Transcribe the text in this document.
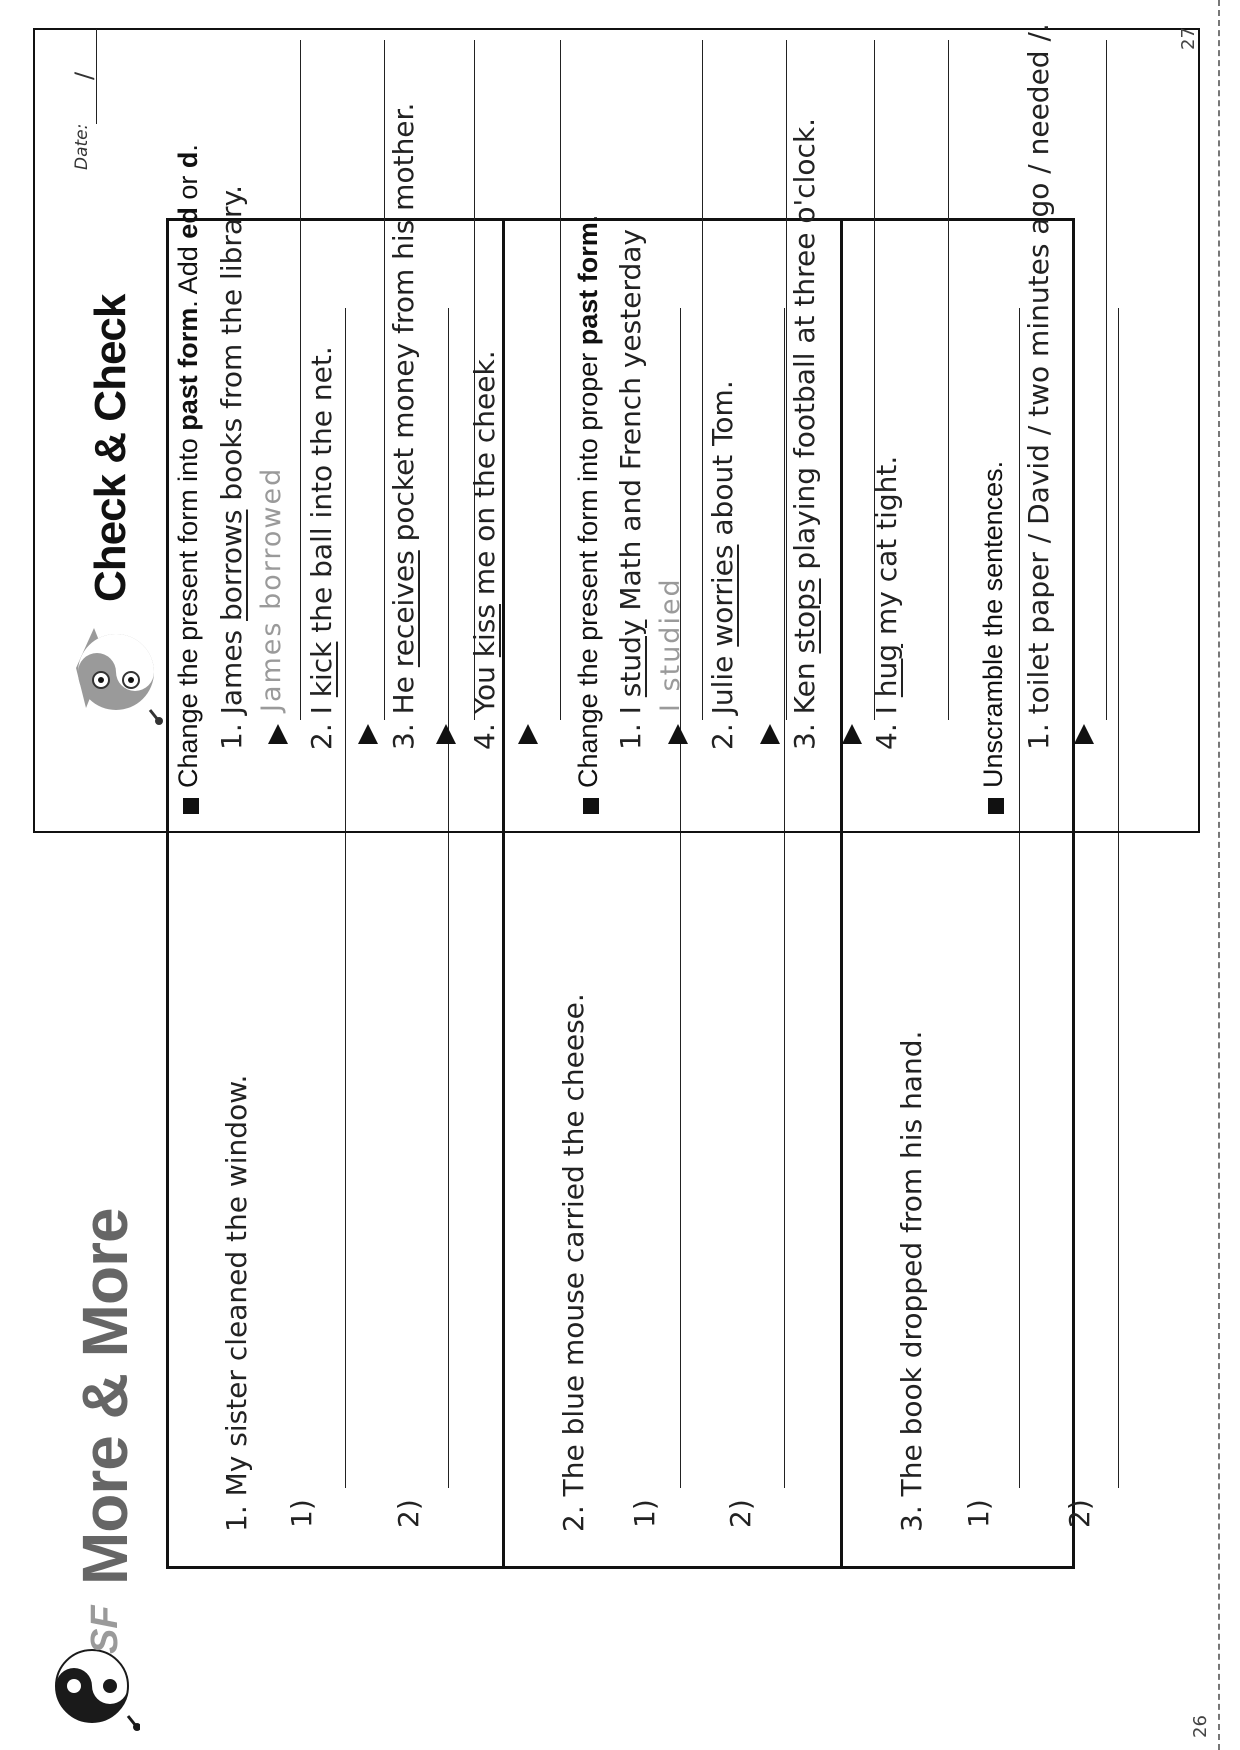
SF
More & More	1. My sister cleaned the window. 1)	2)	2. The blue mouse carried the cheese. 1) 2)	3. The book dropped from his hand. 1) 2)
26
Check & Check
Date:
/
Change the present form into past form. Add ed or d.
1. James borrows books from the library.
James borrowed
2. I kick the ball into the net.
3. He receives pocket money from his mother.
4. You kiss me on the cheek.	Change the present form into proper past form.
1. I study Math and French yesterday
I studied
2. Julie worries about Tom.
3. Ken stops playing football at three o'clock.
4. I hug my cat tight.	Unscramble the sentences. 1. toilet paper / David / two minutes ago / needed /.	27
